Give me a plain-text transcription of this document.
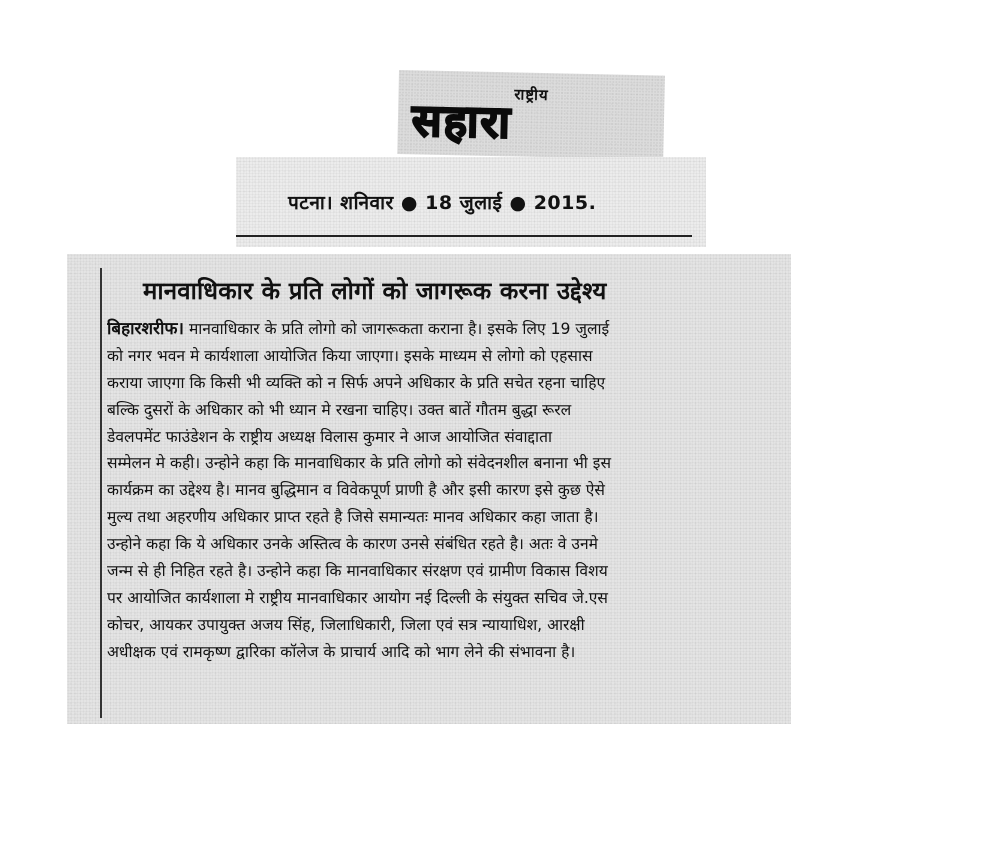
राष्ट्रीय
सहारा
पटना। शनिवार ● 18 जुलाई ● 2015.
मानवाधिकार के प्रति लोगों को जागरूक करना उद्देश्य
बिहारशरीफ। मानवाधिकार के प्रति लोगो को जागरूकता कराना है। इसके लिए 19 जुलाई
को नगर भवन मे कार्यशाला आयोजित किया जाएगा। इसके माध्यम से लोगो को एहसास
कराया जाएगा कि किसी भी व्यक्ति को न सिर्फ अपने अधिकार के प्रति सचेत रहना चाहिए
बल्कि दुसरों के अधिकार को भी ध्यान मे रखना चाहिए। उक्त बातें गौतम बुद्धा रूरल
डेवलपमेंट फाउंडेशन के राष्ट्रीय अध्यक्ष विलास कुमार ने आज आयोजित संवाद्दाता
सम्मेलन मे कही। उन्होने कहा कि मानवाधिकार के प्रति लोगो को संवेदनशील बनाना भी इस
कार्यक्रम का उद्देश्य है। मानव बुद्धिमान व विवेकपूर्ण प्राणी है और इसी कारण इसे कुछ ऐसे
मुल्य तथा अहरणीय अधिकार प्राप्त रहते है जिसे समान्यतः मानव अधिकार कहा जाता है।
उन्होने कहा कि ये अधिकार उनके अस्तित्व के कारण उनसे संबंधित रहते है। अतः वे उनमे
जन्म से ही निहित रहते है। उन्होने कहा कि मानवाधिकार संरक्षण एवं ग्रामीण विकास विशय
पर आयोजित कार्यशाला मे राष्ट्रीय मानवाधिकार आयोग नई दिल्ली के संयुक्त सचिव जे.एस
कोचर, आयकर उपायुक्त अजय सिंह, जिलाधिकारी, जिला एवं सत्र न्यायाधिश, आरक्षी
अधीक्षक एवं रामकृष्ण द्वारिका कॉलेज के प्राचार्य आदि को भाग लेने की संभावना है।
